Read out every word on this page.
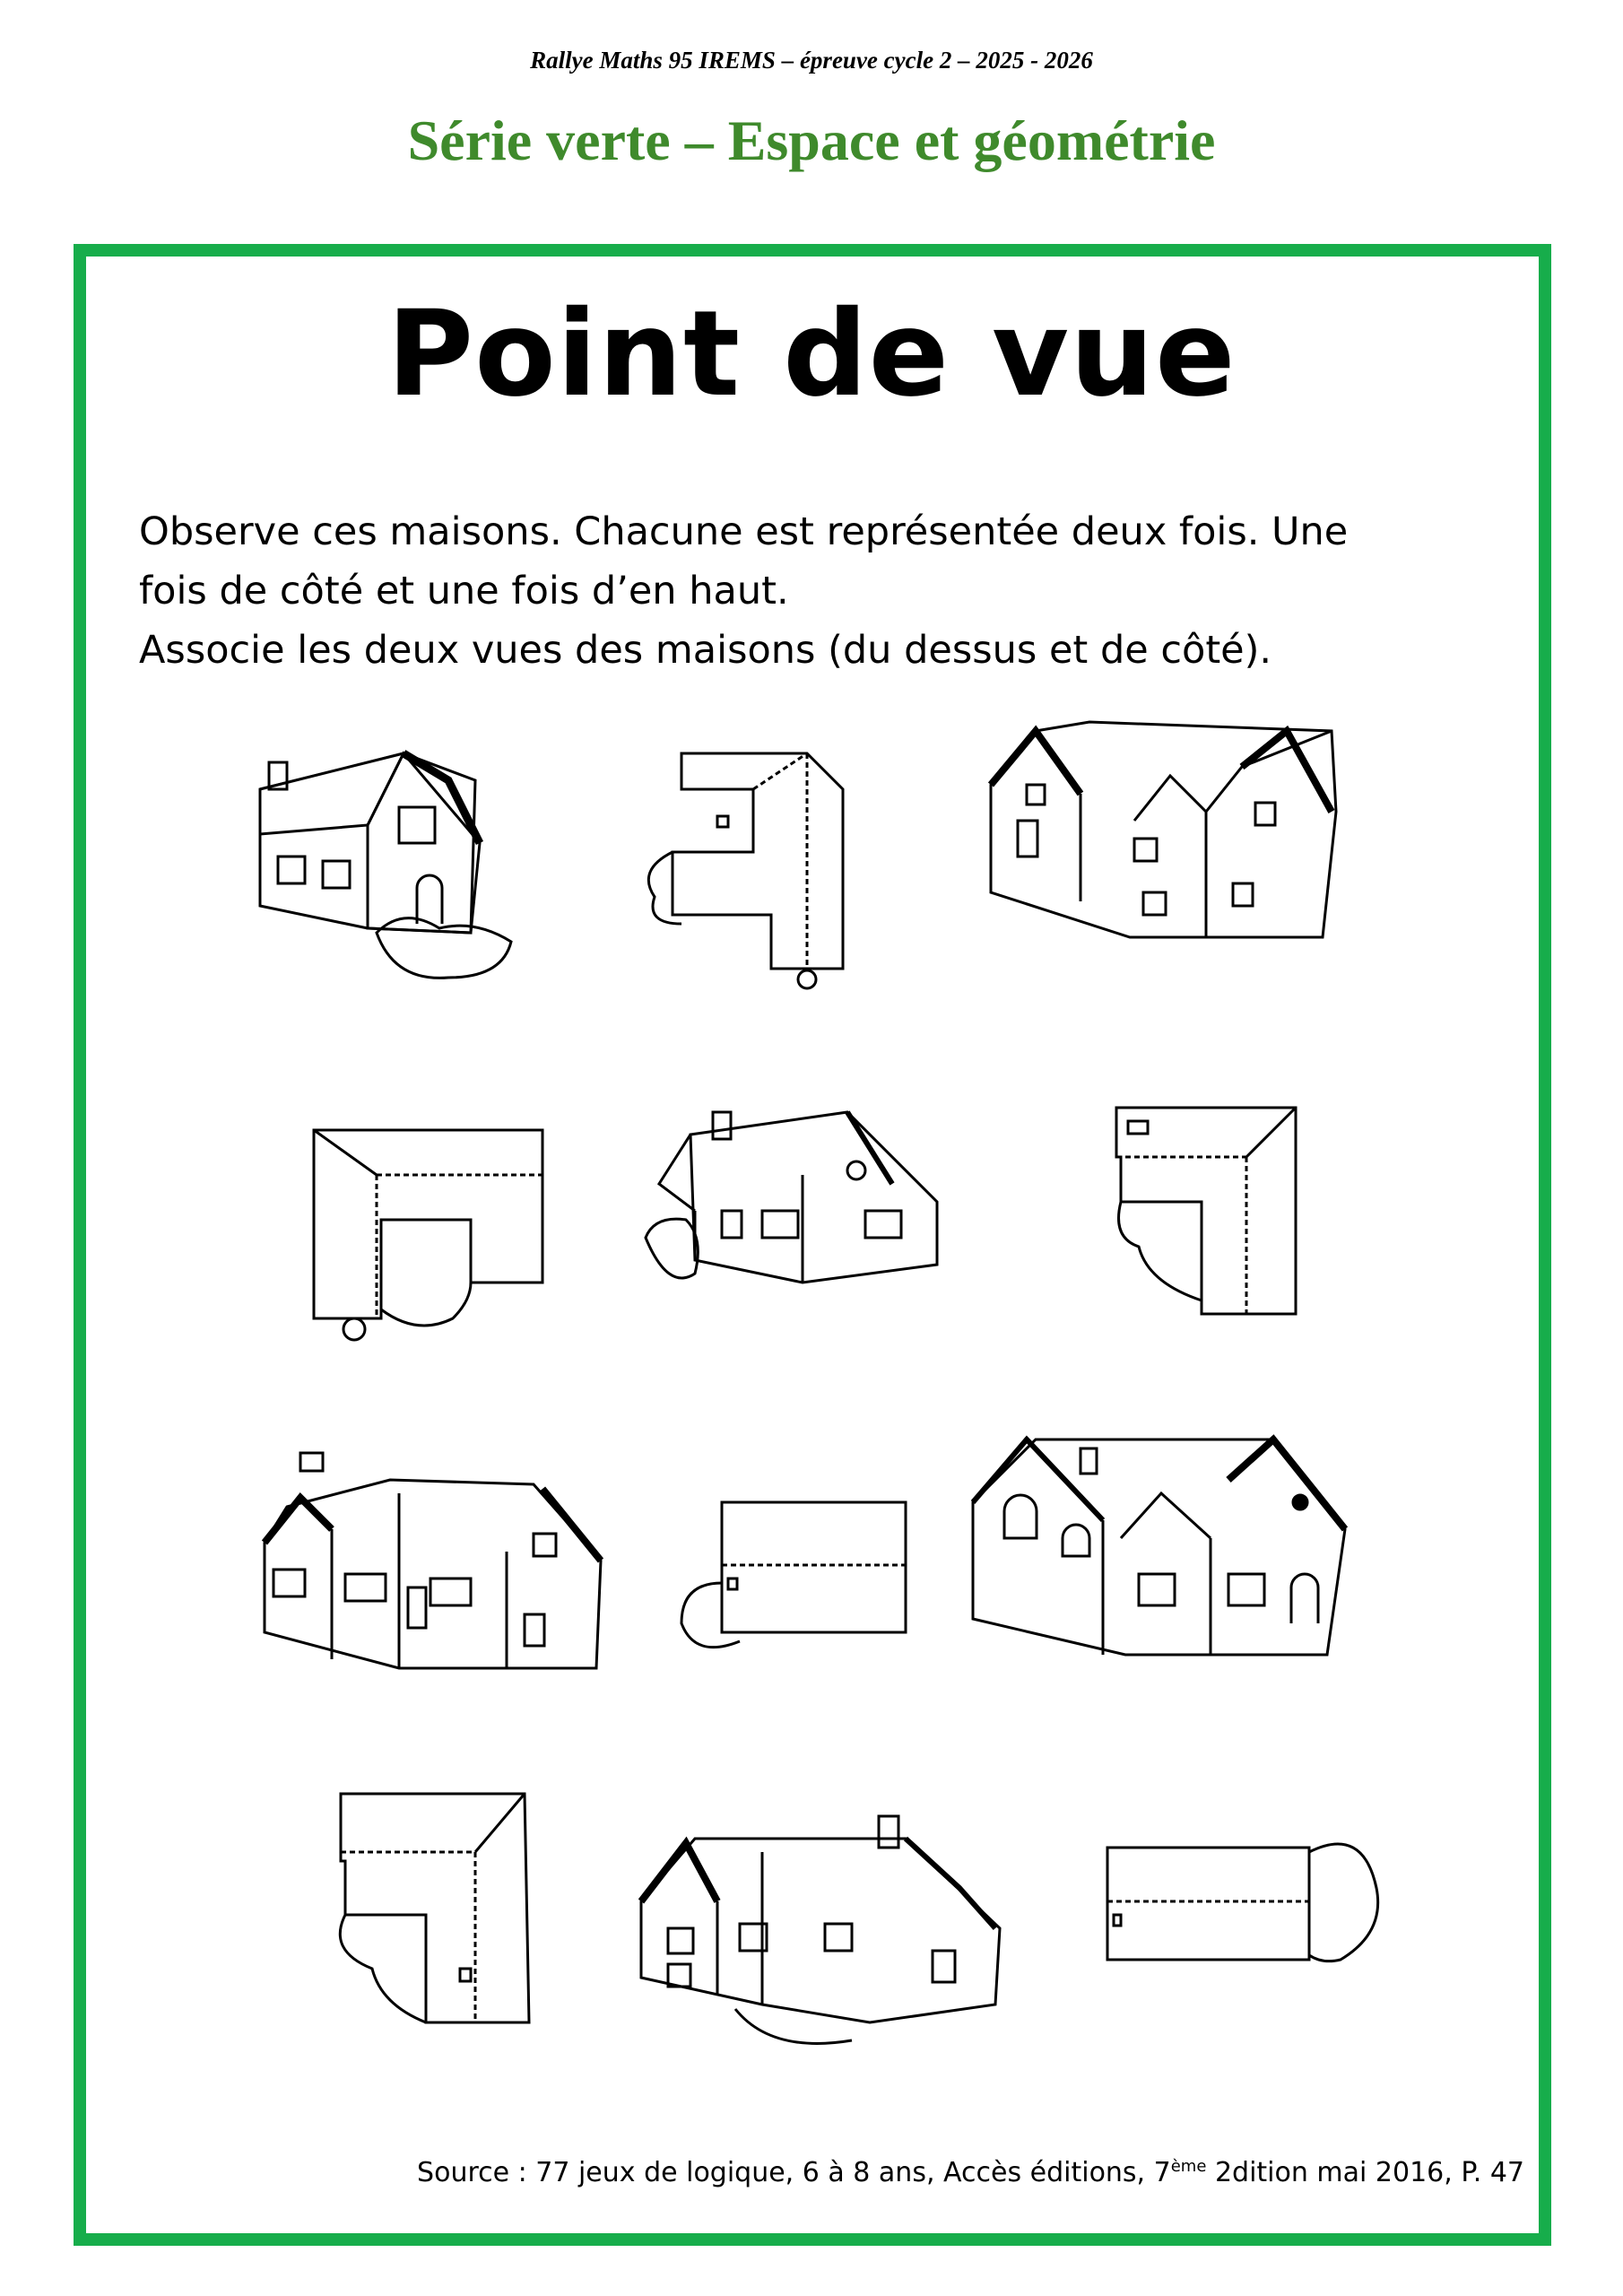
Rallye Maths 95 IREMS – épreuve cycle 2 – 2025 - 2026
Série verte – Espace et géométrie
Point de vue
Observe ces maisons. Chacune est représentée deux fois. Une
fois de côté et une fois d’en haut.
Associe les deux vues des maisons (du dessus et de côté).
Source : 77 jeux de logique, 6 à 8 ans, Accès éditions, 7ème 2dition mai 2016, P. 47
